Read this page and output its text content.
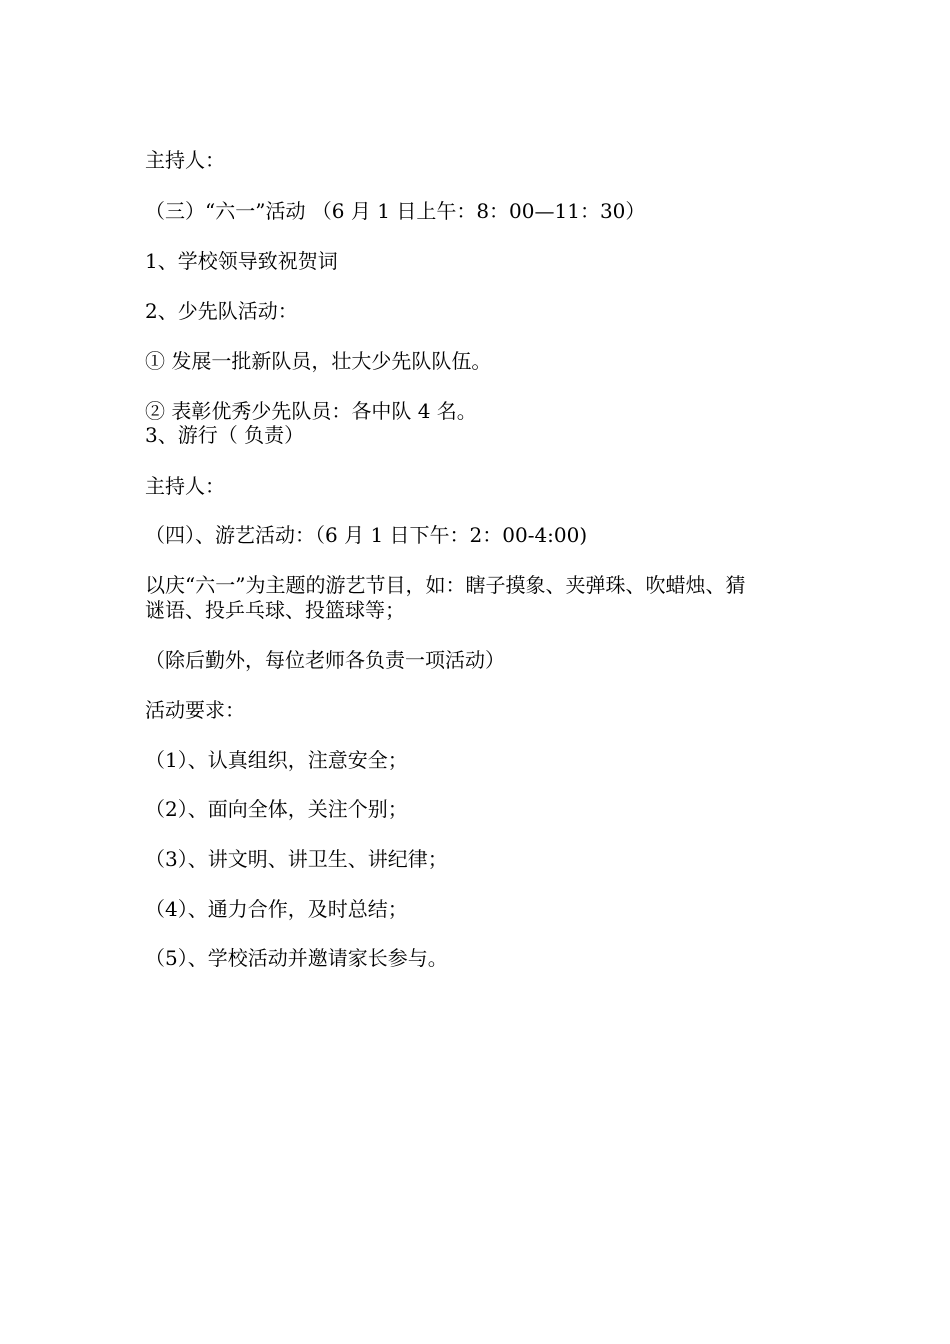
主持人：
（三）“六一”活动 （6 月 1 日上午：8：00—11：30）
1、学校领导致祝贺词
2、少先队活动：
① 发展一批新队员，壮大少先队队伍。
② 表彰优秀少先队员：各中队 4 名。
3、游行（ 负责）
主持人：
（四）、游艺活动：（6 月 1 日下午：2：00-4:00)
以庆“六一”为主题的游艺节目，如：瞎子摸象、夹弹珠、吹蜡烛、猜
谜语、投乒乓球、投篮球等；
（除后勤外，每位老师各负责一项活动）
活动要求：
（1）、认真组织，注意安全；
（2）、面向全体，关注个别；
（3）、讲文明、讲卫生、讲纪律；
（4）、通力合作，及时总结；
（5）、学校活动并邀请家长参与。
